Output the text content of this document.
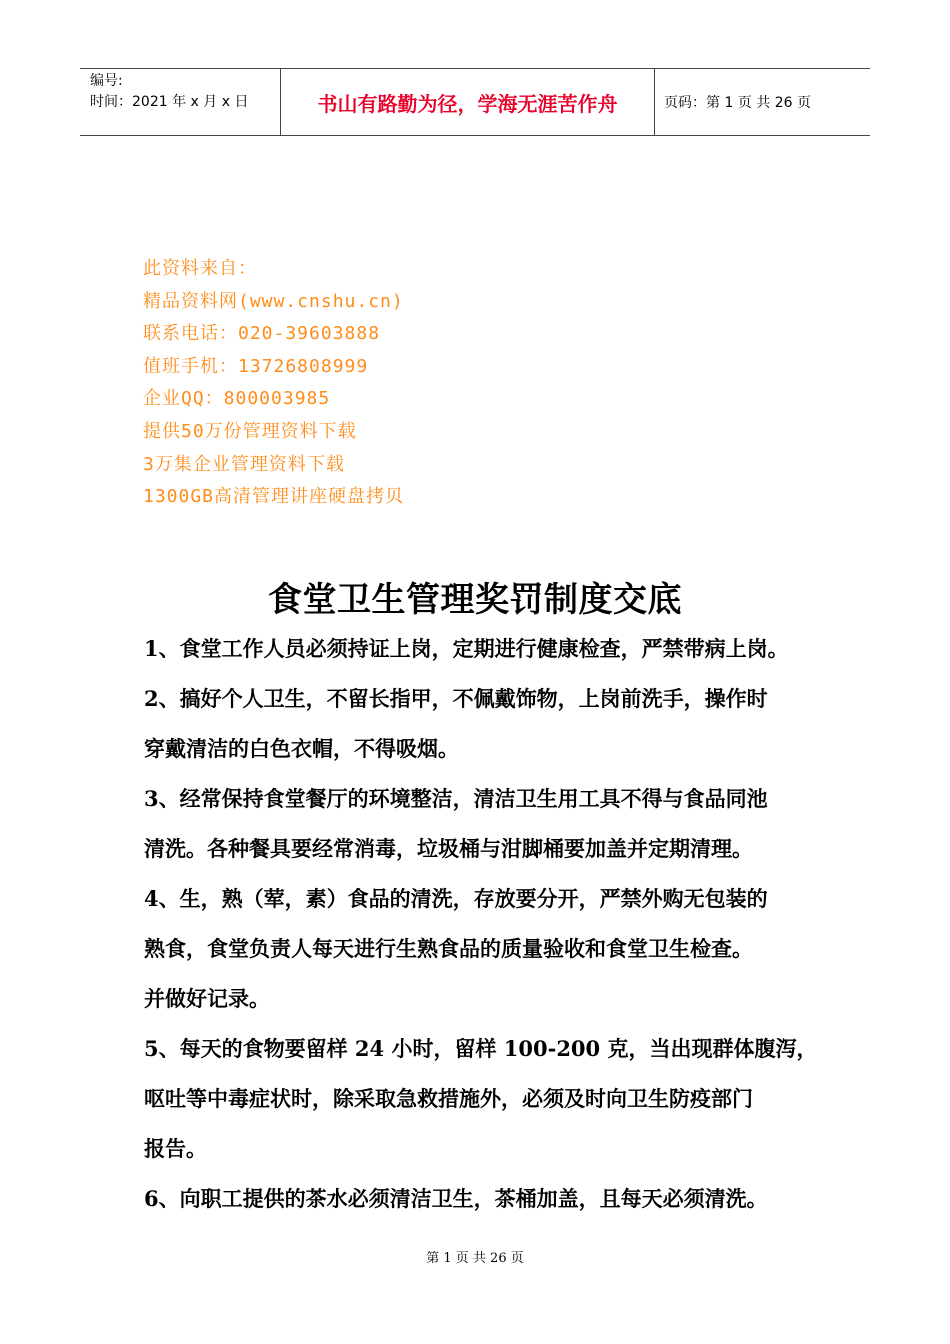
编号:
时间：2021 年 x 月 x 日	书山有路勤为径，学海无涯苦作舟	页码：第 1 页 共 26 页
此资料来自：
精品资料网(www.cnshu.cn)
联系电话：020-39603888
值班手机：13726808999
企业QQ：800003985
提供50万份管理资料下载
3万集企业管理资料下载
1300GB高清管理讲座硬盘拷贝
食堂卫生管理奖罚制度交底

1、食堂工作人员必须持证上岗，定期进行健康检查，严禁带病上岗。

2、搞好个人卫生，不留长指甲，不佩戴饰物，上岗前洗手，操作时

穿戴清洁的白色衣帽，不得吸烟。

3、经常保持食堂餐厅的环境整洁，清洁卫生用工具不得与食品同池

清洗。各种餐具要经常消毒，垃圾桶与泔脚桶要加盖并定期清理。

4、生，熟（荤，素）食品的清洗，存放要分开，严禁外购无包装的

熟食，食堂负责人每天进行生熟食品的质量验收和食堂卫生检查。

并做好记录。

5、每天的食物要留样 24 小时，留样 100-200 克，当出现群体腹泻，

呕吐等中毒症状时，除采取急救措施外，必须及时向卫生防疫部门

报告。

6、向职工提供的茶水必须清洁卫生，茶桶加盖，且每天必须清洗。

第 1 页 共 26 页
